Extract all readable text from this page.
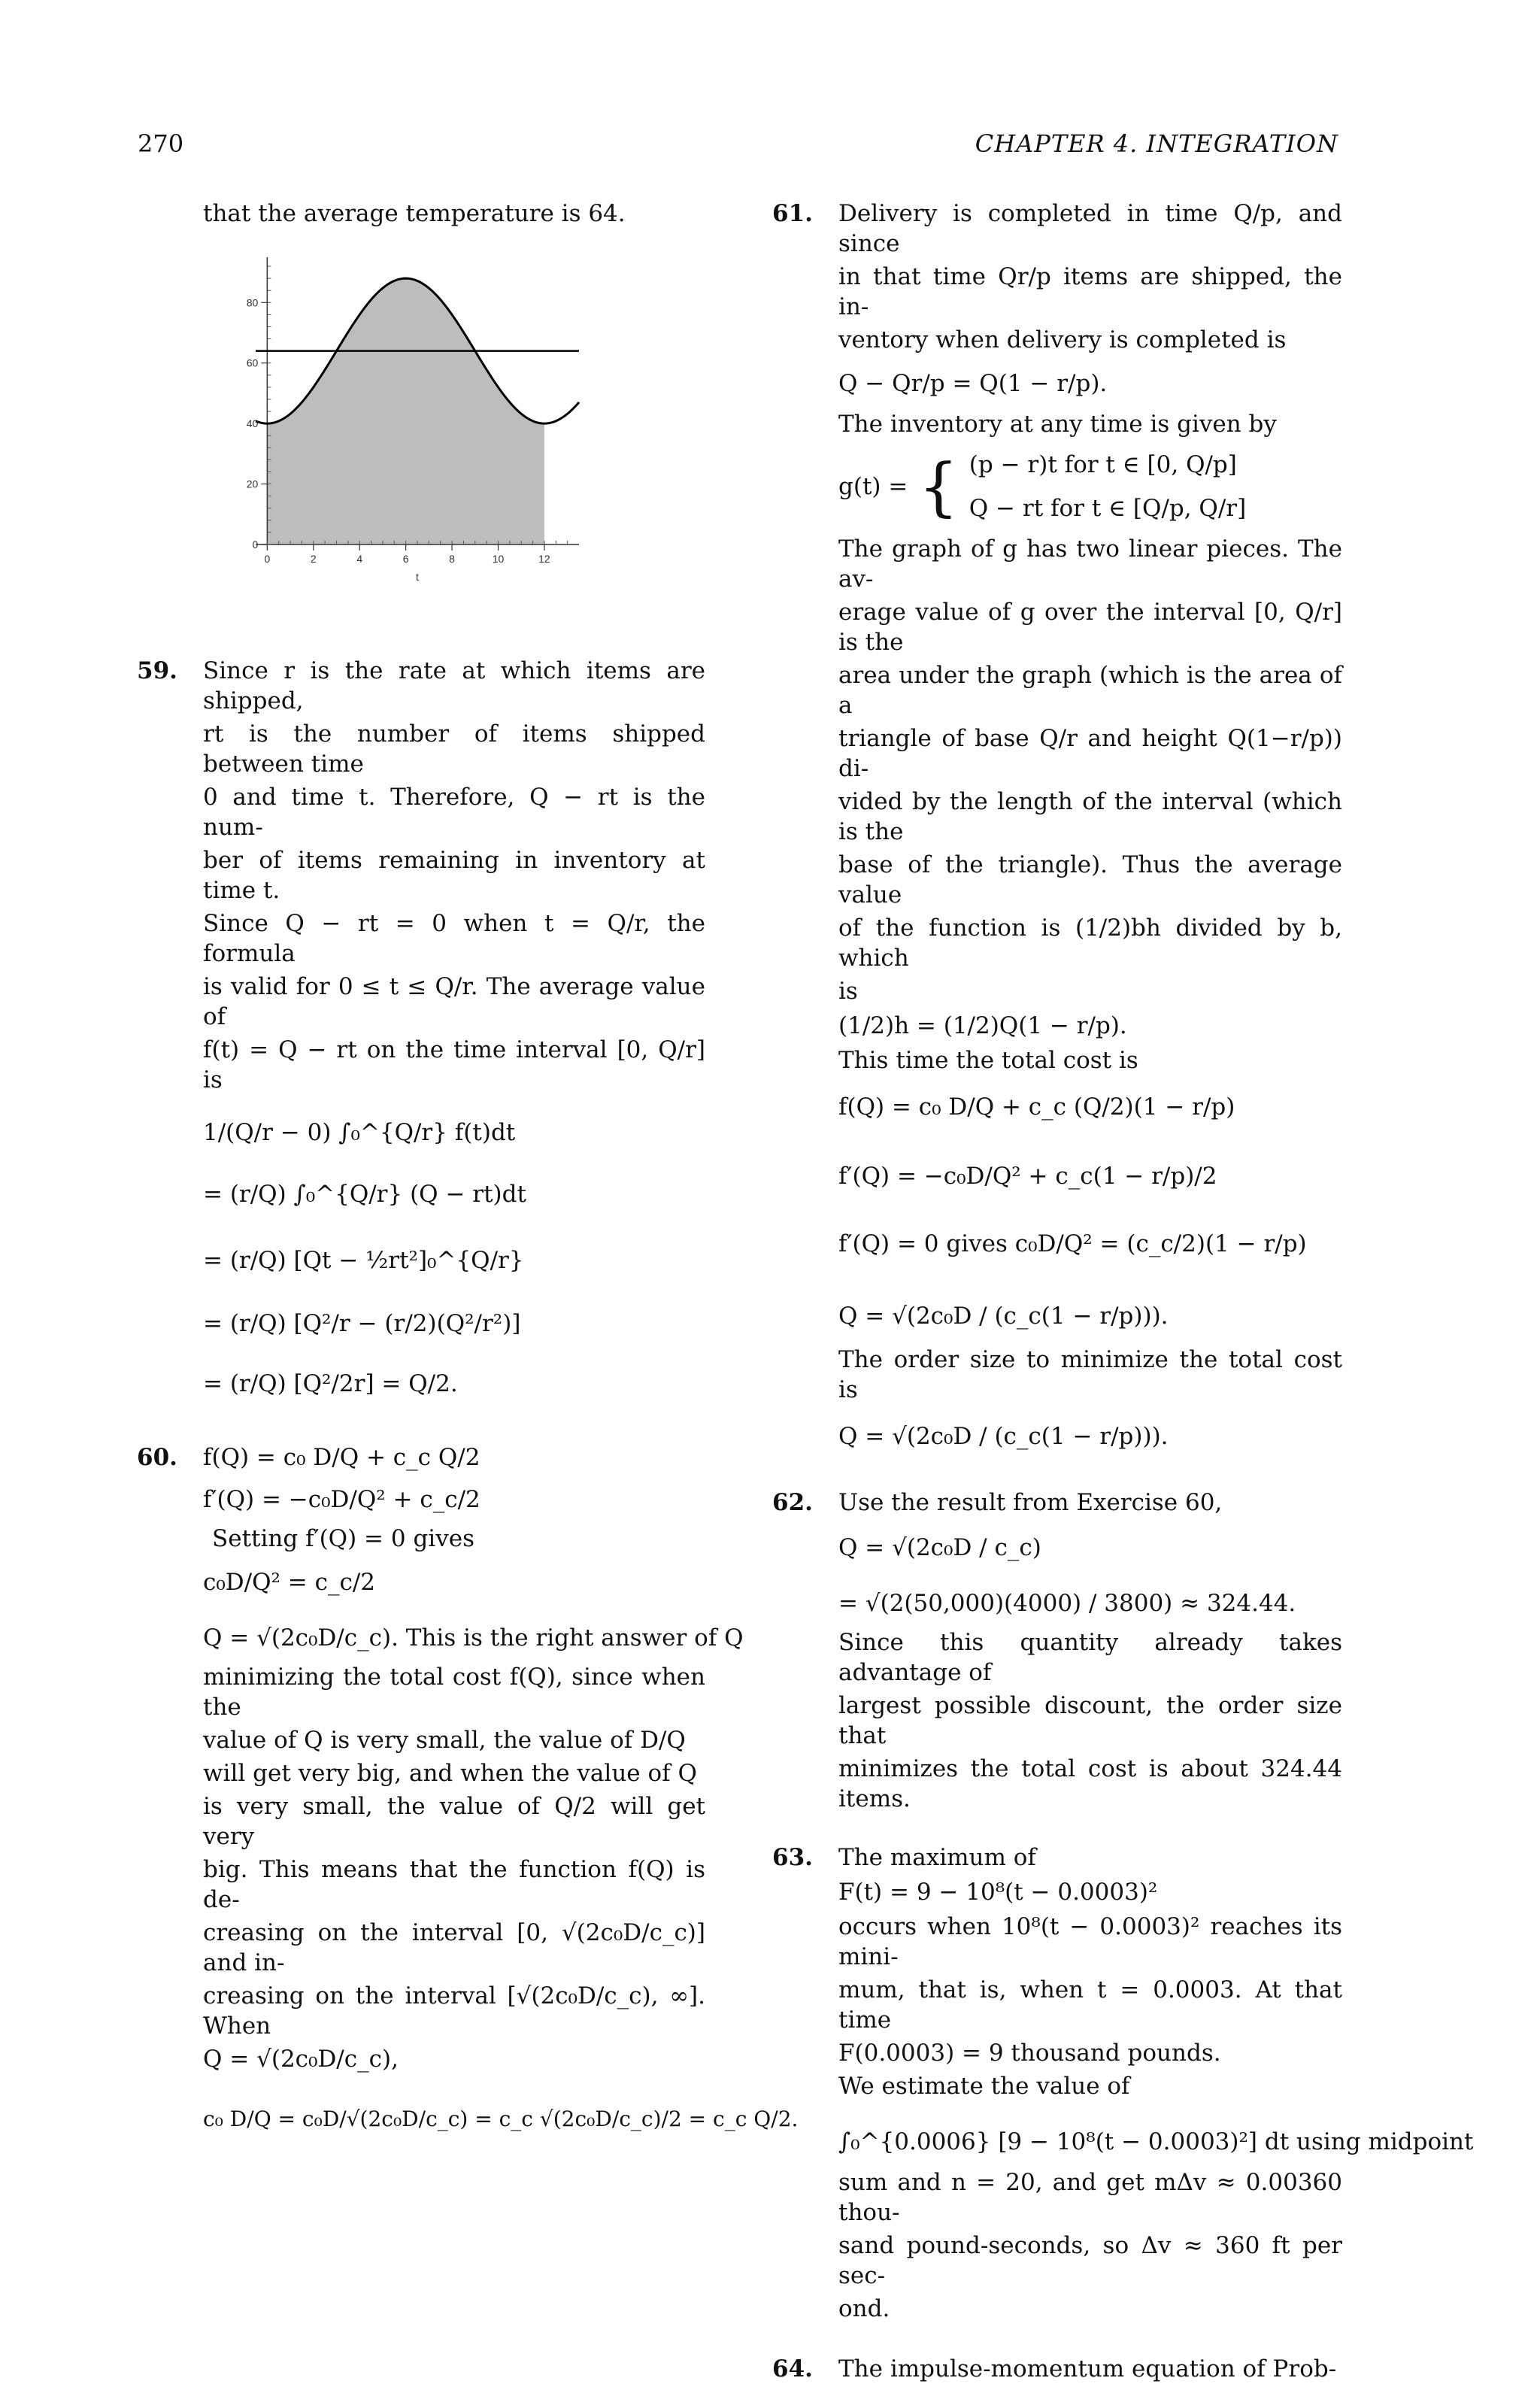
270	CHAPTER 4. INTEGRATION
that the average temperature is 64.
0	2	4	6	8	10	12
0
20
40
60
80
t
59. Since r is the rate at which items are shipped,
rt is the number of items shipped between time
0 and time t. Therefore, Q − rt is the num-
ber of items remaining in inventory at time t.
Since Q − rt = 0 when t = Q/r, the formula
is valid for 0 ≤ t ≤ Q/r. The average value of
f(t) = Q − rt on the time interval [0, Q/r] is
1/(Q/r − 0) ∫₀^{Q/r} f(t)dt
= (r/Q) ∫₀^{Q/r} (Q − rt)dt
= (r/Q) [Qt − ½rt²]₀^{Q/r}
= (r/Q) [Q²/r − (r/2)(Q²/r²)]
= (r/Q) [Q²/2r] = Q/2.
60. f(Q) = c₀ D/Q + c_c Q/2
f′(Q) = −c₀D/Q² + c_c/2
Setting f′(Q) = 0 gives
c₀D/Q² = c_c/2
Q = √(2c₀D/c_c). This is the right answer of Q
minimizing the total cost f(Q), since when the
value of Q is very small, the value of D/Q
will get very big, and when the value of Q
is very small, the value of Q/2 will get very
big. This means that the function f(Q) is de-
creasing on the interval [0, √(2c₀D/c_c)] and in-
creasing on the interval [√(2c₀D/c_c), ∞]. When
Q = √(2c₀D/c_c),
c₀ D/Q = c₀D/√(2c₀D/c_c) = c_c √(2c₀D/c_c)/2 = c_c Q/2.
61. Delivery is completed in time Q/p, and since
in that time Qr/p items are shipped, the in-
ventory when delivery is completed is
Q − Qr/p = Q(1 − r/p).
The inventory at any time is given by
g(t) = { (p − r)t for t ∈ [0, Q/p]
Q − rt for t ∈ [Q/p, Q/r]
The graph of g has two linear pieces. The av-
erage value of g over the interval [0, Q/r] is the
area under the graph (which is the area of a
triangle of base Q/r and height Q(1−r/p)) di-
vided by the length of the interval (which is the
base of the triangle). Thus the average value
of the function is (1/2)bh divided by b, which
is
(1/2)h = (1/2)Q(1 − r/p).
This time the total cost is
f(Q) = c₀ D/Q + c_c (Q/2)(1 − r/p)
f′(Q) = −c₀D/Q² + c_c(1 − r/p)/2
f′(Q) = 0 gives c₀D/Q² = (c_c/2)(1 − r/p)
Q = √(2c₀D / (c_c(1 − r/p))).
The order size to minimize the total cost is
Q = √(2c₀D / (c_c(1 − r/p))).
62. Use the result from Exercise 60,
Q = √(2c₀D / c_c)
= √(2(50,000)(4000) / 3800) ≈ 324.44.
Since this quantity already takes advantage of
largest possible discount, the order size that
minimizes the total cost is about 324.44 items.
63. The maximum of
F(t) = 9 − 10⁸(t − 0.0003)²
occurs when 10⁸(t − 0.0003)² reaches its mini-
mum, that is, when t = 0.0003. At that time
F(0.0003) = 9 thousand pounds.
We estimate the value of
∫₀^{0.0006} [9 − 10⁸(t − 0.0003)²] dt using midpoint
sum and n = 20, and get mΔv ≈ 0.00360 thou-
sand pound-seconds, so Δv ≈ 360 ft per sec-
ond.
64. The impulse-momentum equation of Prob-
